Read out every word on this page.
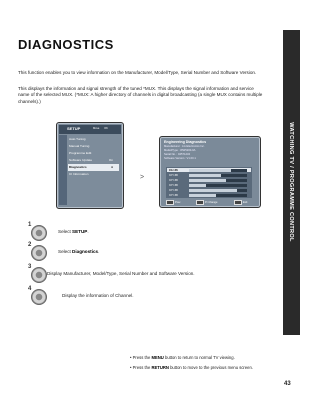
WATCHING TV / PROGRAMME CONTROL
DIAGNOSTICS
This function enables you to view information on the Manufacturer, Model/Type, Serial Number and Software Version.
This displays the information and signal strength of the tuned *MUX. This displays the signal information and service name of the selected MUX. (*MUX: A higher directory of channels in digital broadcasting (a single MUX contains multiple channels).)
SETUP	Move OK
Auto Tuning
Manual Tuning
Programme Edit
Software Update	On
Diagnostics	●
CI Information	>
Engineering Diagnostics
Manufacturer : LG Electronics Inc.
Model/Type : WW5200-0A
Serial No. : 04571234
Software Version : V1.00.1
CH 36
CH 38
CH 38
CH 38
CH 38
CH 38
Prev.	Pr Change	Exit
1
Select SETUP.
2
Select Diagnostics.
3
Display Manufacturer, Model/Type, Serial Number and Software Version.
4
Display the information of Channel.
• Press the MENU button to return to normal TV viewing.
• Press the RETURN button to move to the previous menu screen.
43
